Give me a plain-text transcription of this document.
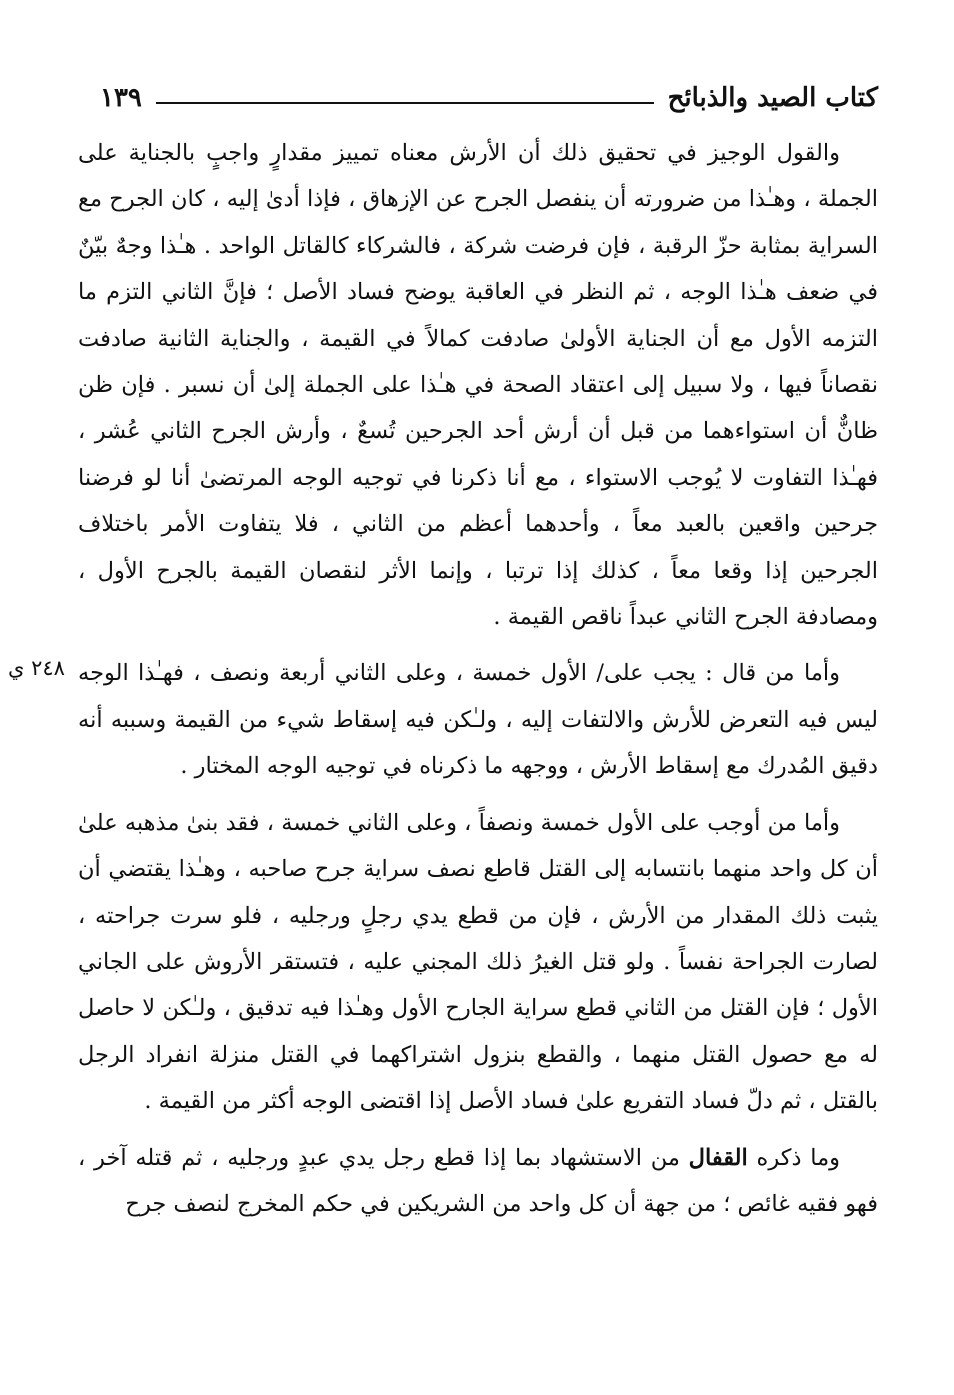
كتاب الصيد والذبائح
١٣٩
٢٤٨ ي

والقول الوجيز في تحقيق ذلك أن الأرش معناه تمييز مقدارٍ واجبٍ بالجناية على الجملة ، وهـٰذا من ضرورته أن ينفصل الجرح عن الإزهاق ، فإذا أدىٰ إليه ، كان الجرح مع السراية بمثابة حزّ الرقبة ، فإن فرضت شركة ، فالشركاء كالقاتل الواحد . هـٰذا وجهٌ بيّنٌ في ضعف هـٰذا الوجه ، ثم النظر في العاقبة يوضح فساد الأصل ؛ فإنَّ الثاني التزم ما التزمه الأول مع أن الجناية الأولىٰ صادفت كمالاً في القيمة ، والجناية الثانية صادفت نقصاناً فيها ، ولا سبيل إلى اعتقاد الصحة في هـٰذا على الجملة إلىٰ أن نسبر . فإن ظن ظانٌّ أن استواءهما من قبل أن أرش أحد الجرحين تُسعٌ ، وأرش الجرح الثاني عُشر ، فهـٰذا التفاوت لا يُوجب الاستواء ، مع أنا ذكرنا في توجيه الوجه المرتضىٰ أنا لو فرضنا جرحين واقعين بالعبد معاً ، وأحدهما أعظم من الثاني ، فلا يتفاوت الأمر باختلاف الجرحين إذا وقعا معاً ، كذلك إذا ترتبا ، وإنما الأثر لنقصان القيمة بالجرح الأول ، ومصادفة الجرح الثاني عبداً ناقص القيمة .

وأما من قال : يجب على/ الأول خمسة ، وعلى الثاني أربعة ونصف ، فهـٰذا الوجه ليس فيه التعرض للأرش والالتفات إليه ، ولـٰكن فيه إسقاط شيء من القيمة وسببه أنه دقيق المُدرك مع إسقاط الأرش ، ووجهه ما ذكرناه في توجيه الوجه المختار .

وأما من أوجب على الأول خمسة ونصفاً ، وعلى الثاني خمسة ، فقد بنىٰ مذهبه علىٰ أن كل واحد منهما بانتسابه إلى القتل قاطع نصف سراية جرح صاحبه ، وهـٰذا يقتضي أن يثبت ذلك المقدار من الأرش ، فإن من قطع يدي رجلٍ ورجليه ، فلو سرت جراحته ، لصارت الجراحة نفساً . ولو قتل الغيرُ ذلك المجني عليه ، فتستقر الأروش على الجاني الأول ؛ فإن القتل من الثاني قطع سراية الجارح الأول وهـٰذا فيه تدقيق ، ولـٰكن لا حاصل له مع حصول القتل منهما ، والقطع بنزول اشتراكهما في القتل منزلة انفراد الرجل بالقتل ، ثم دلّ فساد التفريع علىٰ فساد الأصل إذا اقتضى الوجه أكثر من القيمة .

وما ذكره القفال من الاستشهاد بما إذا قطع رجل يدي عبدٍ ورجليه ، ثم قتله آخر ، فهو فقيه غائص ؛ من جهة أن كل واحد من الشريكين في حكم المخرج لنصف جرح
